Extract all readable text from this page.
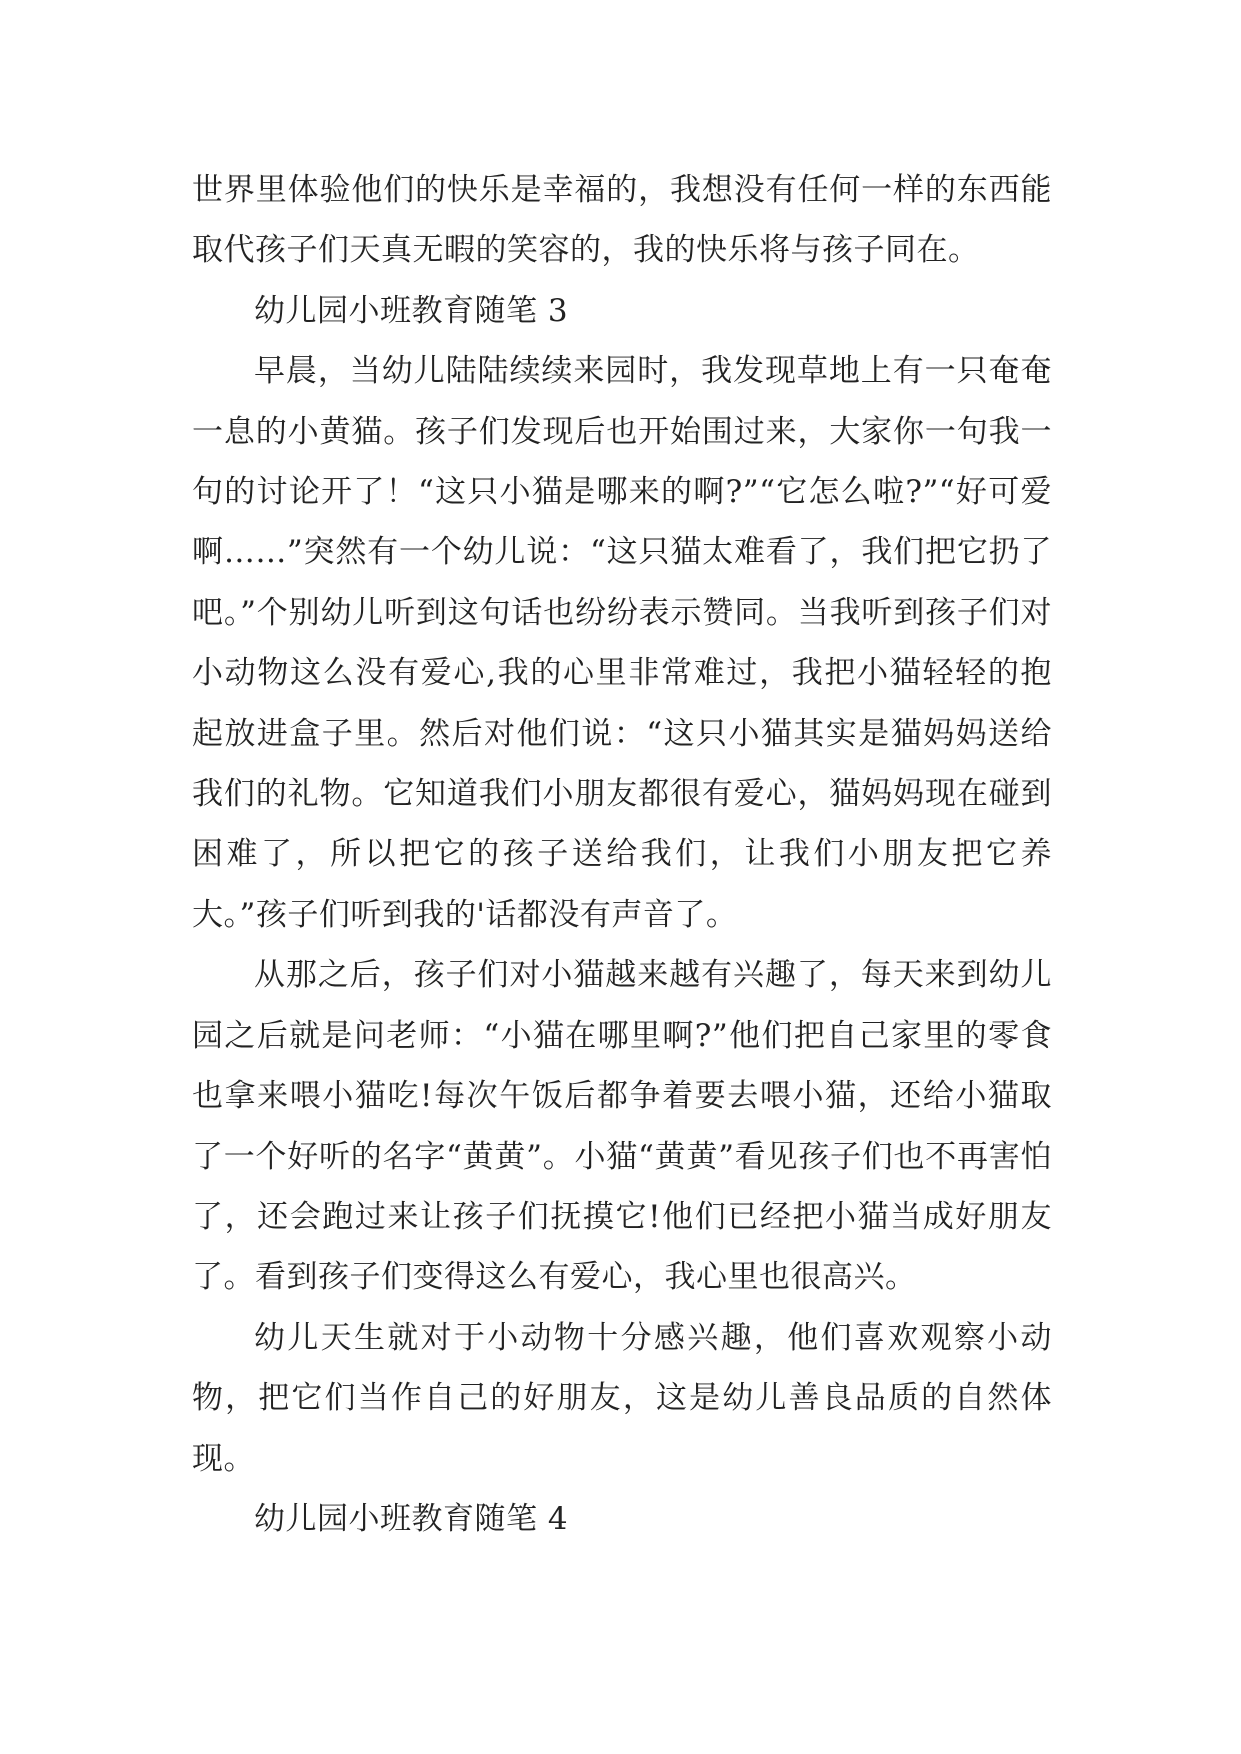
世界里体验他们的快乐是幸福的，我想没有任何一样的东西能取代孩子们天真无暇的笑容的，我的快乐将与孩子同在。

幼儿园小班教育随笔 3

早晨，当幼儿陆陆续续来园时，我发现草地上有一只奄奄一息的小黄猫。孩子们发现后也开始围过来，大家你一句我一句的讨论开了！“这只小猫是哪来的啊?”“它怎么啦?”“好可爱啊……”突然有一个幼儿说：“这只猫太难看了，我们把它扔了吧。”个别幼儿听到这句话也纷纷表示赞同。当我听到孩子们对小动物这么没有爱心,我的心里非常难过，我把小猫轻轻的抱起放进盒子里。然后对他们说：“这只小猫其实是猫妈妈送给我们的礼物。它知道我们小朋友都很有爱心，猫妈妈现在碰到困难了，所以把它的孩子送给我们，让我们小朋友把它养大。”孩子们听到我的'话都没有声音了。

从那之后，孩子们对小猫越来越有兴趣了，每天来到幼儿园之后就是问老师：“小猫在哪里啊?”他们把自己家里的零食也拿来喂小猫吃!每次午饭后都争着要去喂小猫，还给小猫取了一个好听的名字“黄黄”。小猫“黄黄”看见孩子们也不再害怕了，还会跑过来让孩子们抚摸它!他们已经把小猫当成好朋友了。看到孩子们变得这么有爱心，我心里也很高兴。

幼儿天生就对于小动物十分感兴趣，他们喜欢观察小动物，把它们当作自己的好朋友，这是幼儿善良品质的自然体现。

幼儿园小班教育随笔 4
